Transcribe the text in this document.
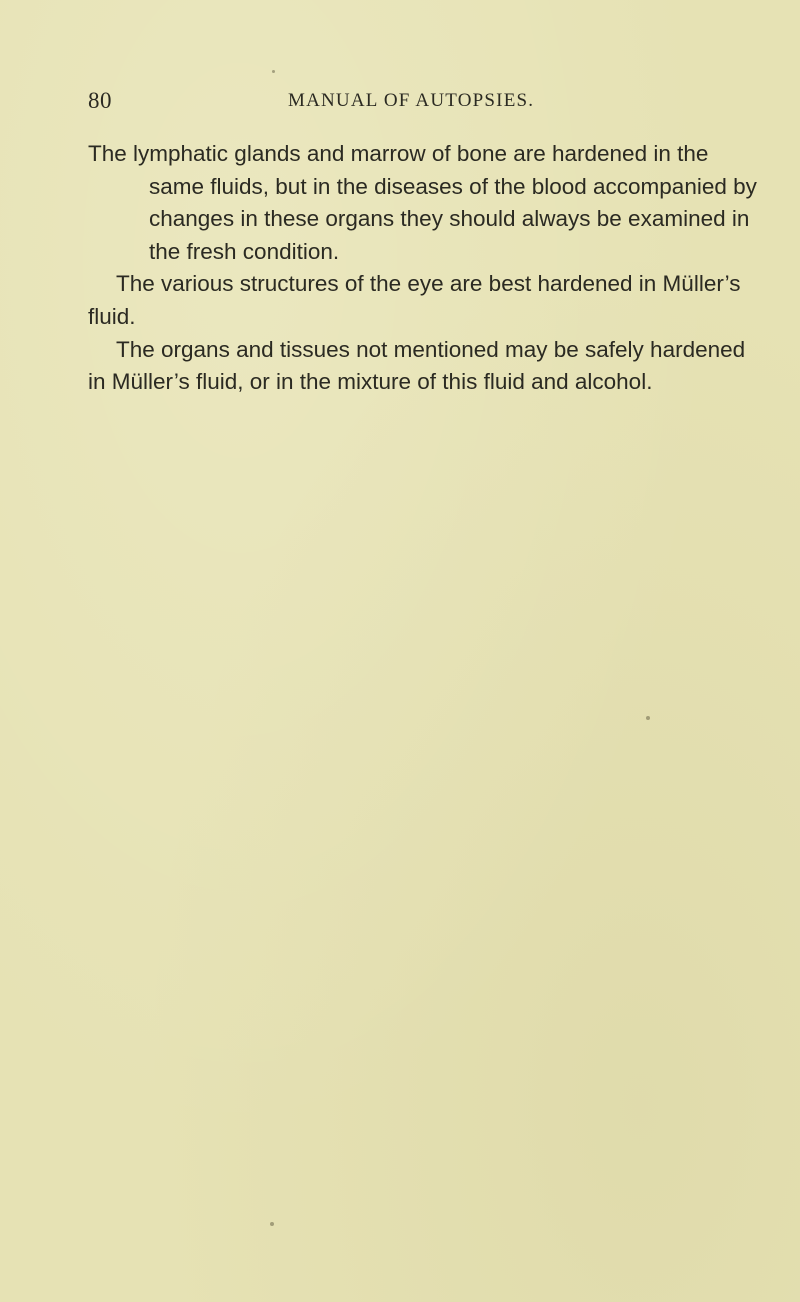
80	MANUAL OF AUTOPSIES.

The lymphatic glands and marrow of bone are hardened in the same fluids, but in the diseases of the blood accompanied by changes in these organs they should always be examined in the fresh condition.

The various structures of the eye are best hardened in Müller’s fluid.

The organs and tissues not mentioned may be safely hardened in Müller’s fluid, or in the mixture of this fluid and alcohol.
